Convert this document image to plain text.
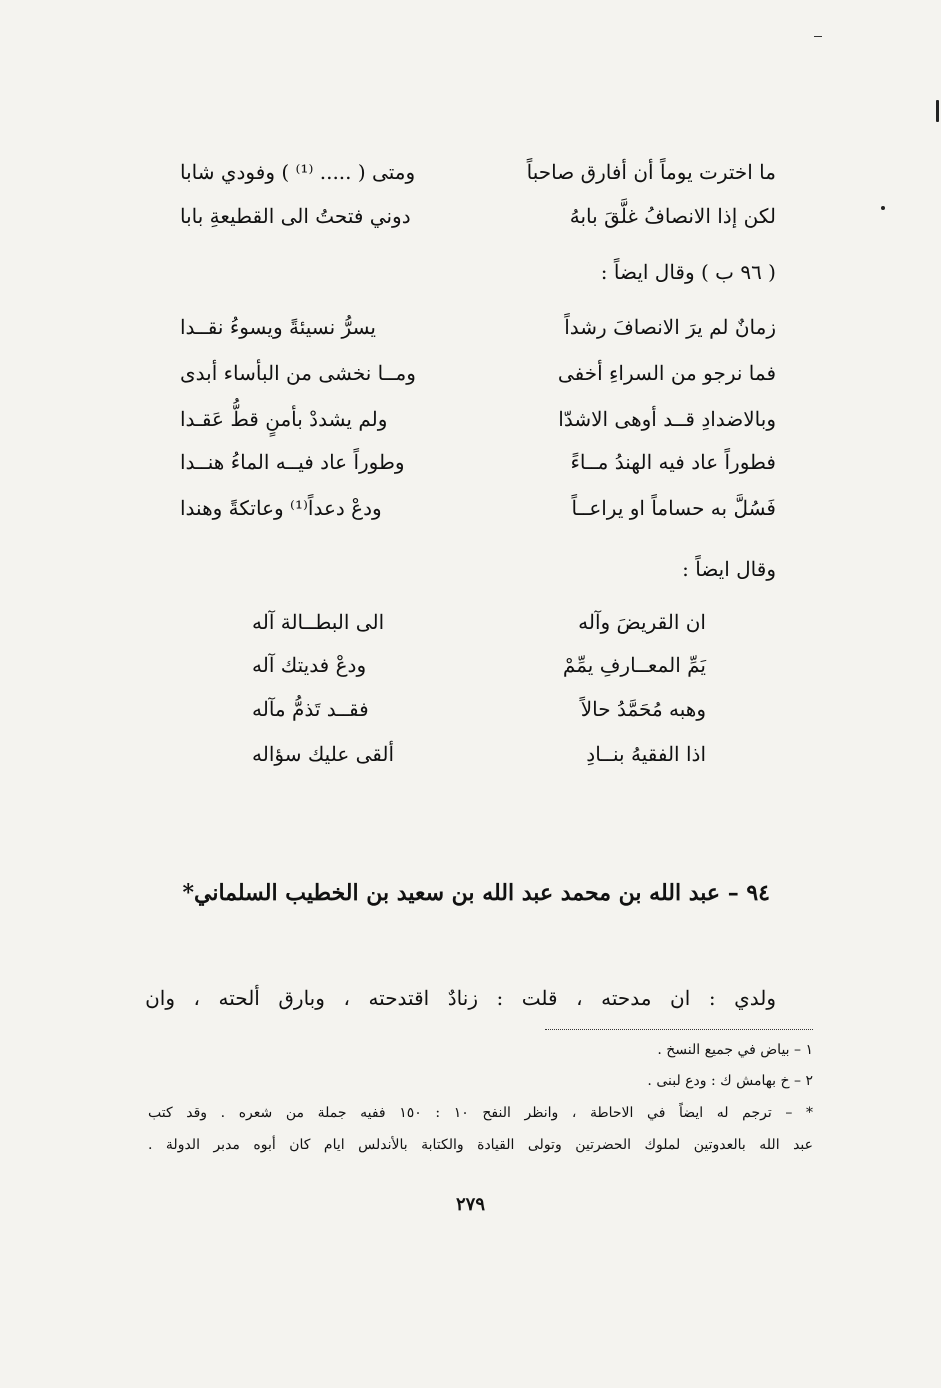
ما اخترت يوماً أن أفارق صاحباً
ومتى ( ..... ⁽¹⁾ ) وفودي شابا
لكن إذا الانصافُ غلَّقَ بابهُ
دوني فتحتُ الى القطيعةِ بابا
( ٩٦ ب ) وقال ايضاً :
زمانٌ لم يرَ الانصافَ رشداً
يسرُّ نسيئةً ويسوءُ نقــدا
فما نرجو من السراءِ أخفى
ومــا نخشى من البأساء أبدى
وبالاضدادِ قــد أوهى الاشدّا
ولم يشددْ بأمنٍ قطُّ عَقـدا
فطوراً عاد فيه الهندُ مــاءً
وطوراً عاد فيــه الماءُ هنــدا
فَسُلَّ به حساماً او يراعــاً
ودعْ دعداً⁽¹⁾ وعاتكةً وهندا
وقال ايضاً :
ان القريضَ وآله
الى البطــالة آله
يَمِّ المعــارفِ يمِّمْ
ودعْ فديتك آله
وهبه مُحَمَّدُ حالاً
فقــد تَذمُّ مآله
اذا الفقيهُ بنــادِ
ألقى عليك سؤاله
٩٤ – عبد الله بن محمد عبد الله بن سعيد بن الخطيب السلماني*
ولدي
:
ان
مدحته
،
قلت
:
زنادٌ
اقتدحته
،
وبارق
ألحته
،
وان
١ – بياض في جميع النسخ .
٢ – خ بهامش ك : ودع لبنى .
* – ترجم له ايضاً في الاحاطة ، وانظر النفح ١٠ : ١٥٠ ففيه جملة من شعره . وقد كتب
عبد الله بالعدوتين لملوك الحضرتين وتولى القيادة والكتابة بالأندلس ايام كان أبوه مدبر الدولة .
٢٧٩
